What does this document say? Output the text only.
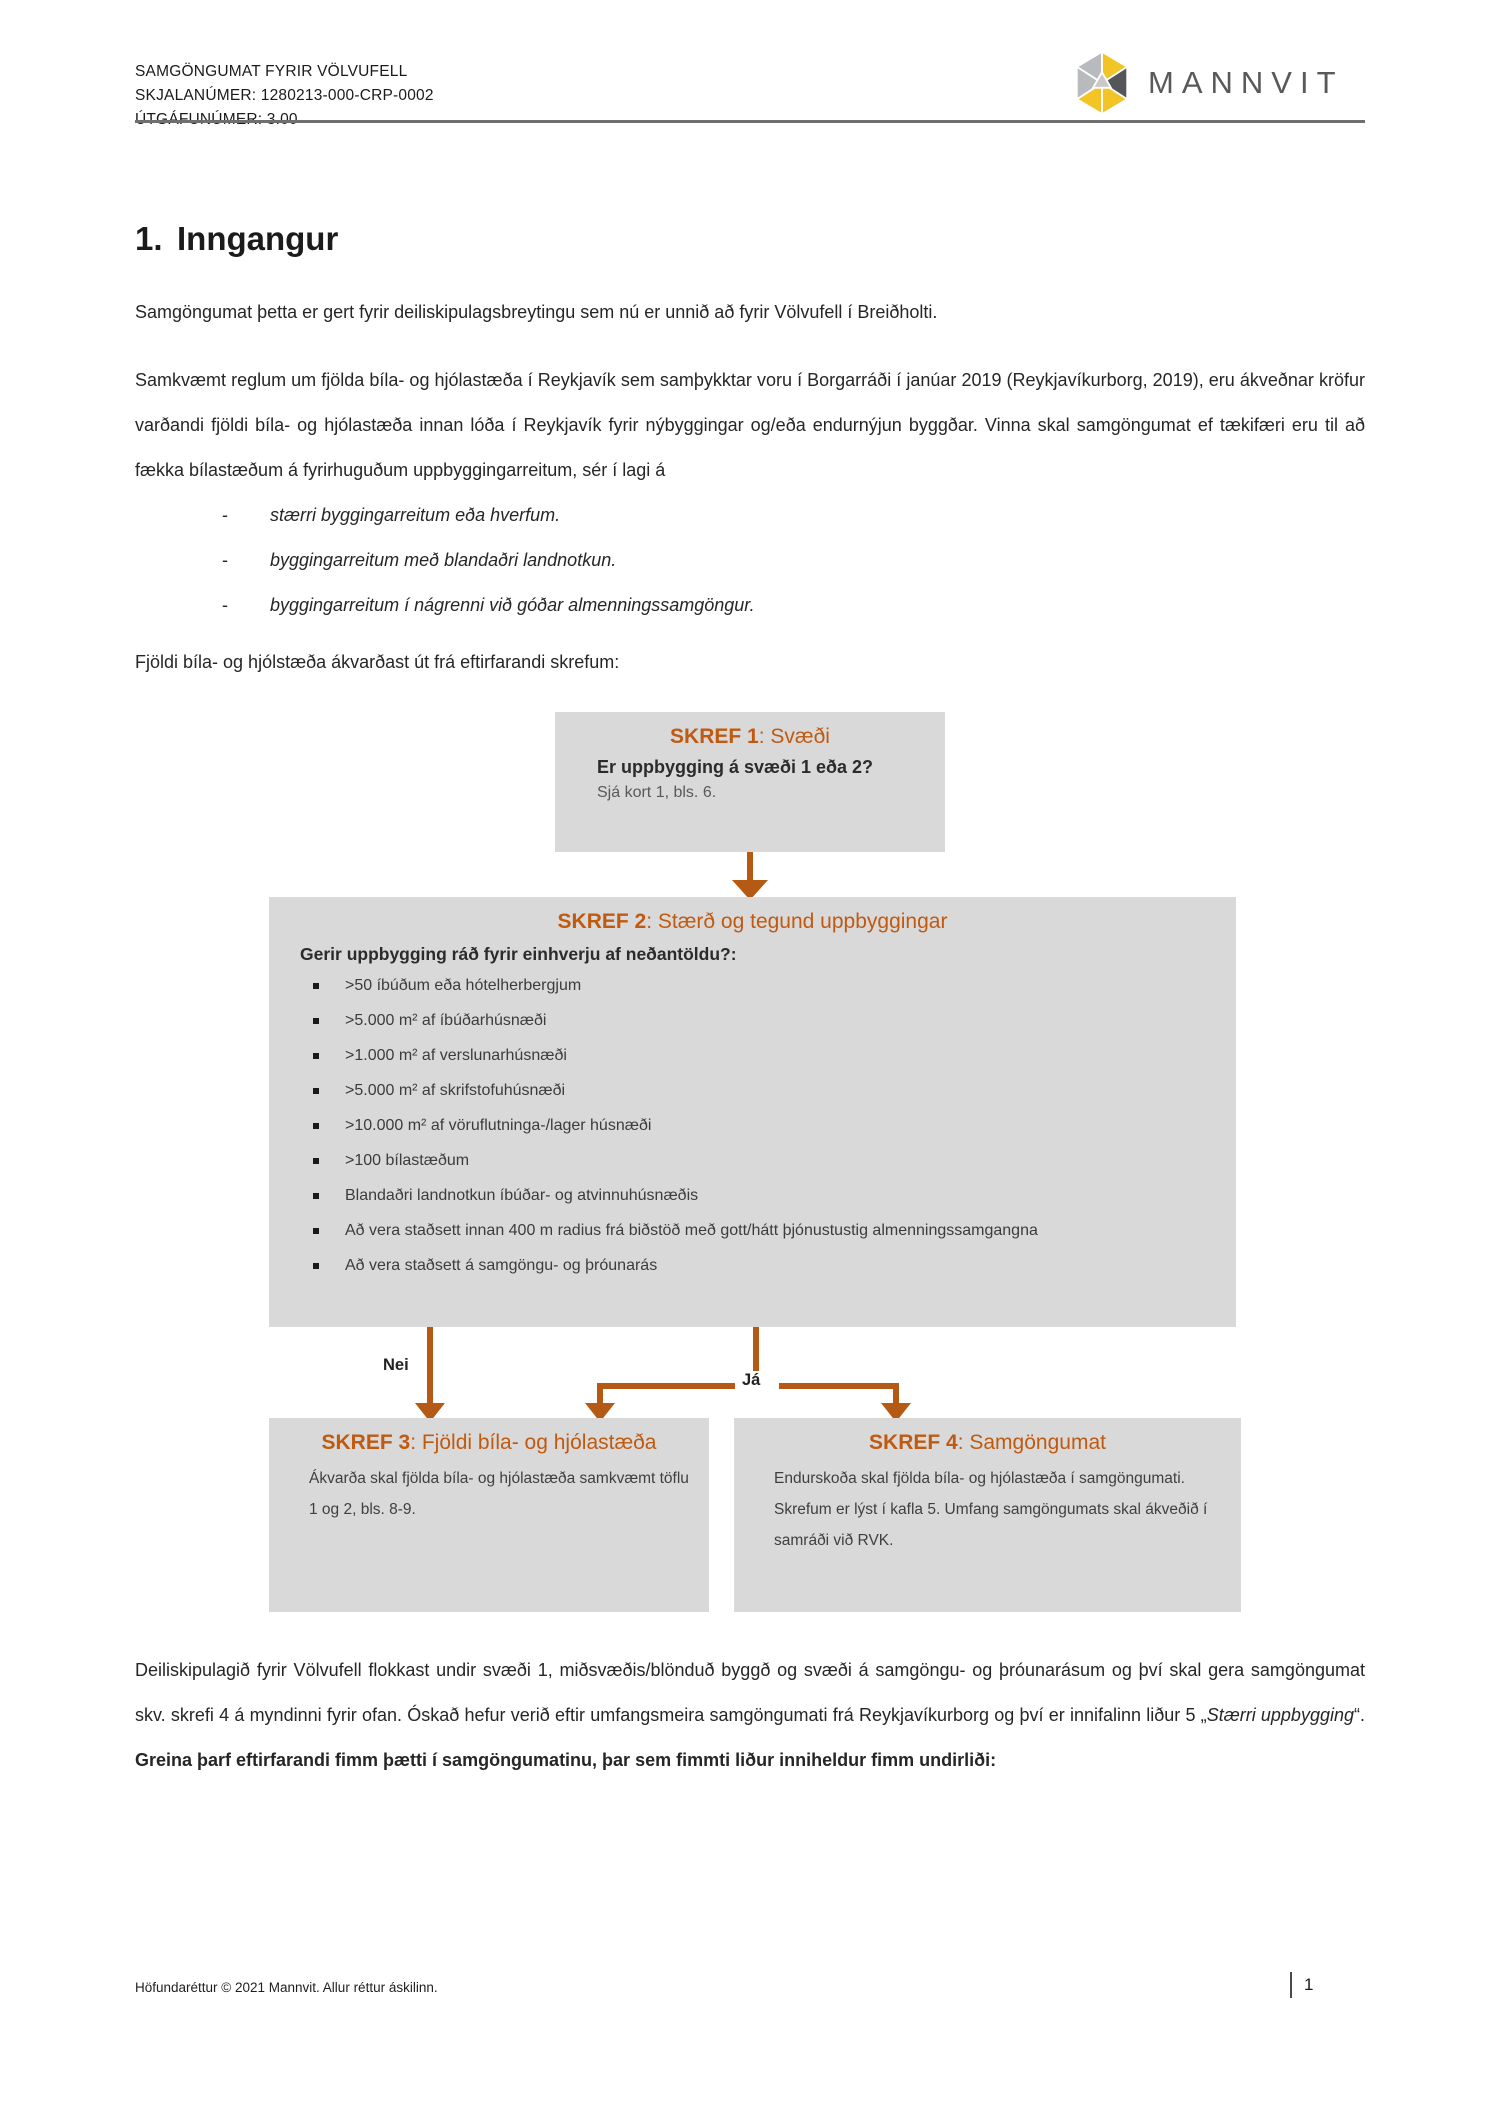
SAMGÖNGUMAT FYRIR VÖLVUFELL
SKJALANÚMER: 1280213-000-CRP-0002	MANNVIT
1. Inngangur

Samgöngumat þetta er gert fyrir deiliskipulagsbreytingu sem nú er unnið að fyrir Völvufell í Breiðholti.

Samkvæmt reglum um fjölda bíla- og hjólastæða í Reykjavík sem samþykktar voru í Borgarráði í janúar 2019 (Reykjavíkurborg, 2019), eru ákveðnar kröfur varðandi fjöldi bíla- og hjólastæða innan lóða í Reykjavík fyrir nýbyggingar og/eða endurnýjun byggðar. Vinna skal samgöngumat ef tækifæri eru til að fækka bílastæðum á fyrirhuguðum uppbyggingarreitum, sér í lagi á

- stærri byggingarreitum eða hverfum.
- byggingarreitum með blandaðri landnotkun.
- byggingarreitum í nágrenni við góðar almenningssamgöngur.

Fjöldi bíla- og hjólstæða ákvarðast út frá eftirfarandi skrefum:

SKREF 1: Svæði
Er uppbygging á svæði 1 eða 2?
Sjá kort 1, bls. 6.
SKREF 2: Stærð og tegund uppbyggingar
Gerir uppbygging ráð fyrir einhverju af neðantöldu?:
>50 íbúðum eða hótelherbergjum
>5.000 m² af íbúðarhúsnæði
>1.000 m² af verslunarhúsnæði
>5.000 m² af skrifstofuhúsnæði
>10.000 m² af vöruflutninga-/lager húsnæði
>100 bílastæðum
Blandaðri landnotkun íbúðar- og atvinnuhúsnæðis
Að vera staðsett innan 400 m radius frá biðstöð með gott/hátt þjónustustig almenningssamgangna
Að vera staðsett á samgöngu- og þróunarás
Nei
Já
SKREF 3: Fjöldi bíla- og hjólastæða
Ákvarða skal fjölda bíla- og hjólastæða samkvæmt töflu 1 og 2, bls. 8-9.
SKREF 4: Samgöngumat
Endurskoða skal fjölda bíla- og hjólastæða í samgöngumati. Skrefum er lýst í kafla 5. Umfang samgöngumats skal ákveðið í samráði við RVK.
Deiliskipulagið fyrir Völvufell flokkast undir svæði 1, miðsvæðis/blönduð byggð og svæði á samgöngu- og þróunarásum og því skal gera samgöngumat skv. skrefi 4 á myndinni fyrir ofan. Óskað hefur verið eftir umfangsmeira samgöngumati frá Reykjavíkurborg og því er innifalinn liður 5 „Stærri uppbygging“. Greina þarf eftirfarandi fimm þætti í samgöngumatinu, þar sem fimmti liður inniheldur fimm undirliði:
Höfundaréttur © 2021 Mannvit. Allur réttur áskilinn.	1
